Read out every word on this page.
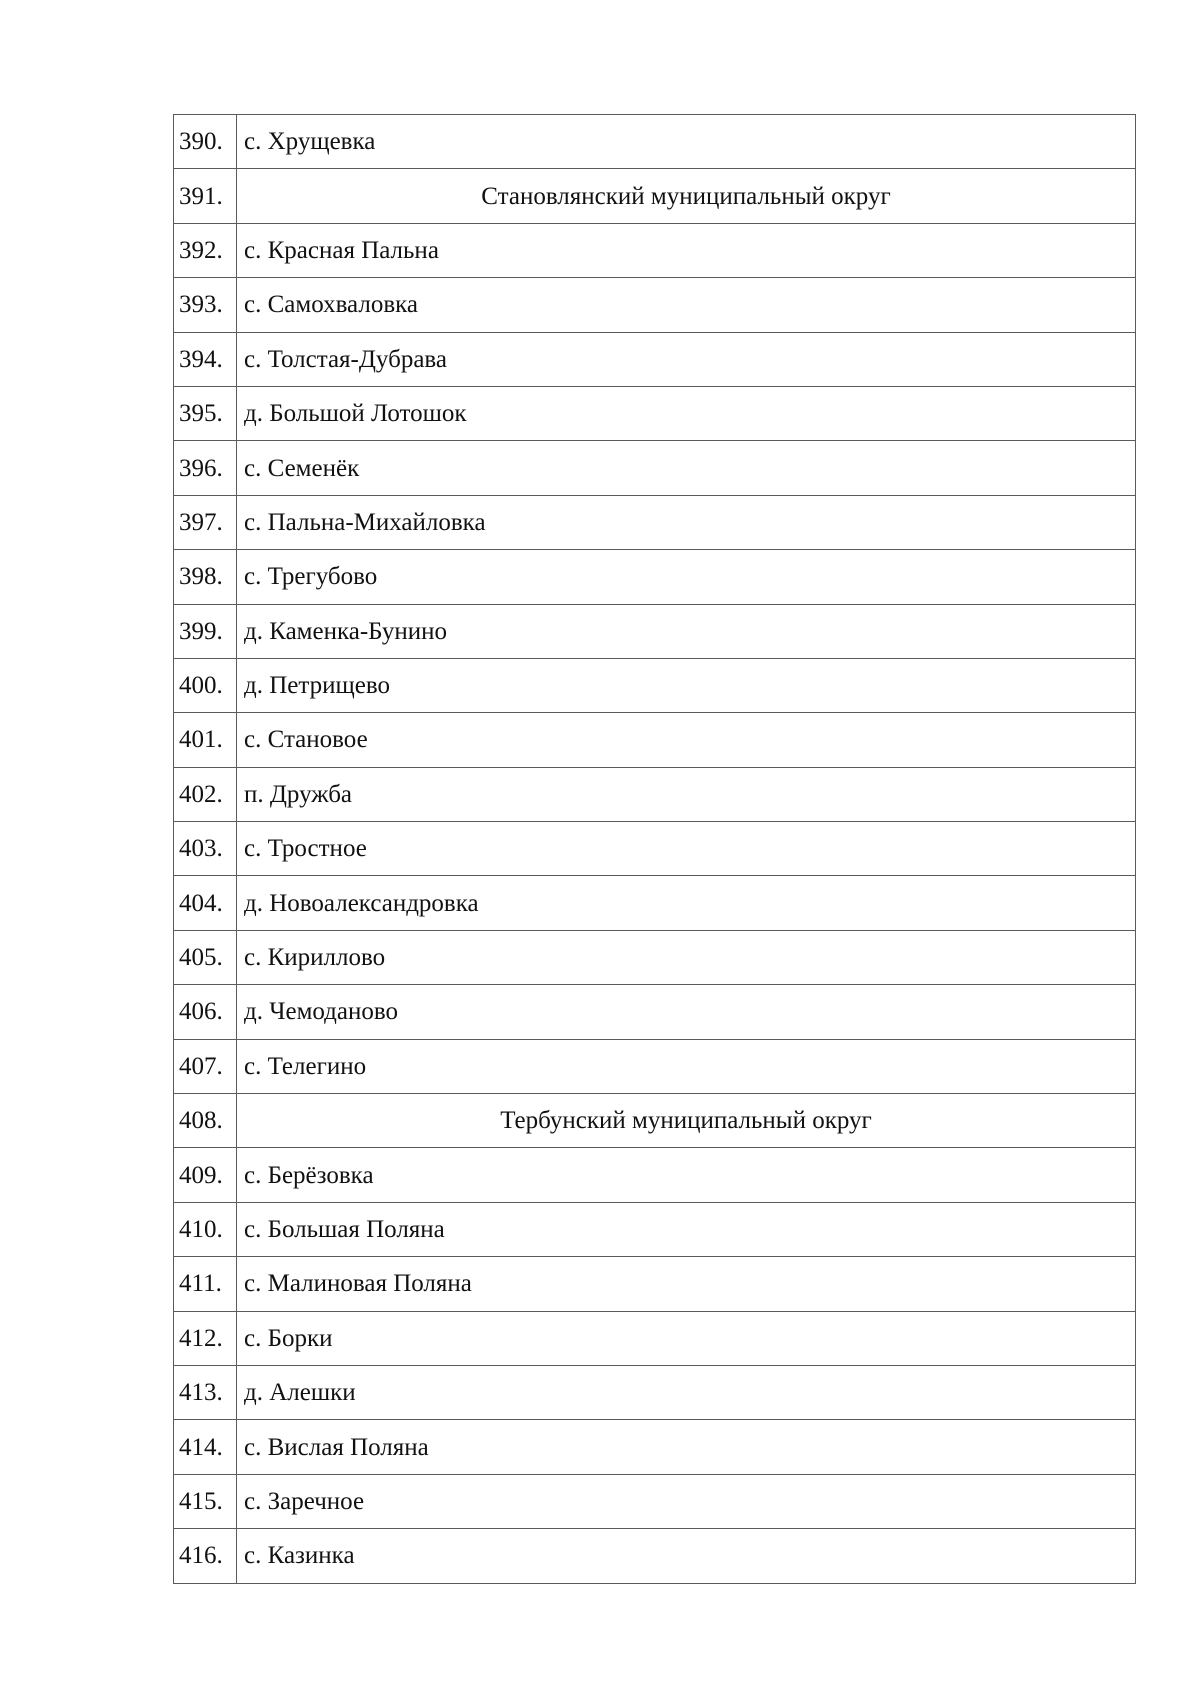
390.	с. Хрущевка
391.	Становлянский муниципальный округ
392.	с. Красная Пальна
393.	с. Самохваловка
394.	с. Толстая-Дубрава
395.	д. Большой Лотошок
396.	с. Семенёк
397.	с. Пальна-Михайловка
398.	с. Трегубово
399.	д. Каменка-Бунино
400.	д. Петрищево
401.	с. Становое
402.	п. Дружба
403.	с. Тростное
404.	д. Новоалександровка
405.	с. Кириллово
406.	д. Чемоданово
407.	с. Телегино
408.	Тербунский муниципальный округ
409.	с. Берёзовка
410.	с. Большая Поляна
411.	с. Малиновая Поляна
412.	с. Борки
413.	д. Алешки
414.	с. Вислая Поляна
415.	с. Заречное
416.	с. Казинка
